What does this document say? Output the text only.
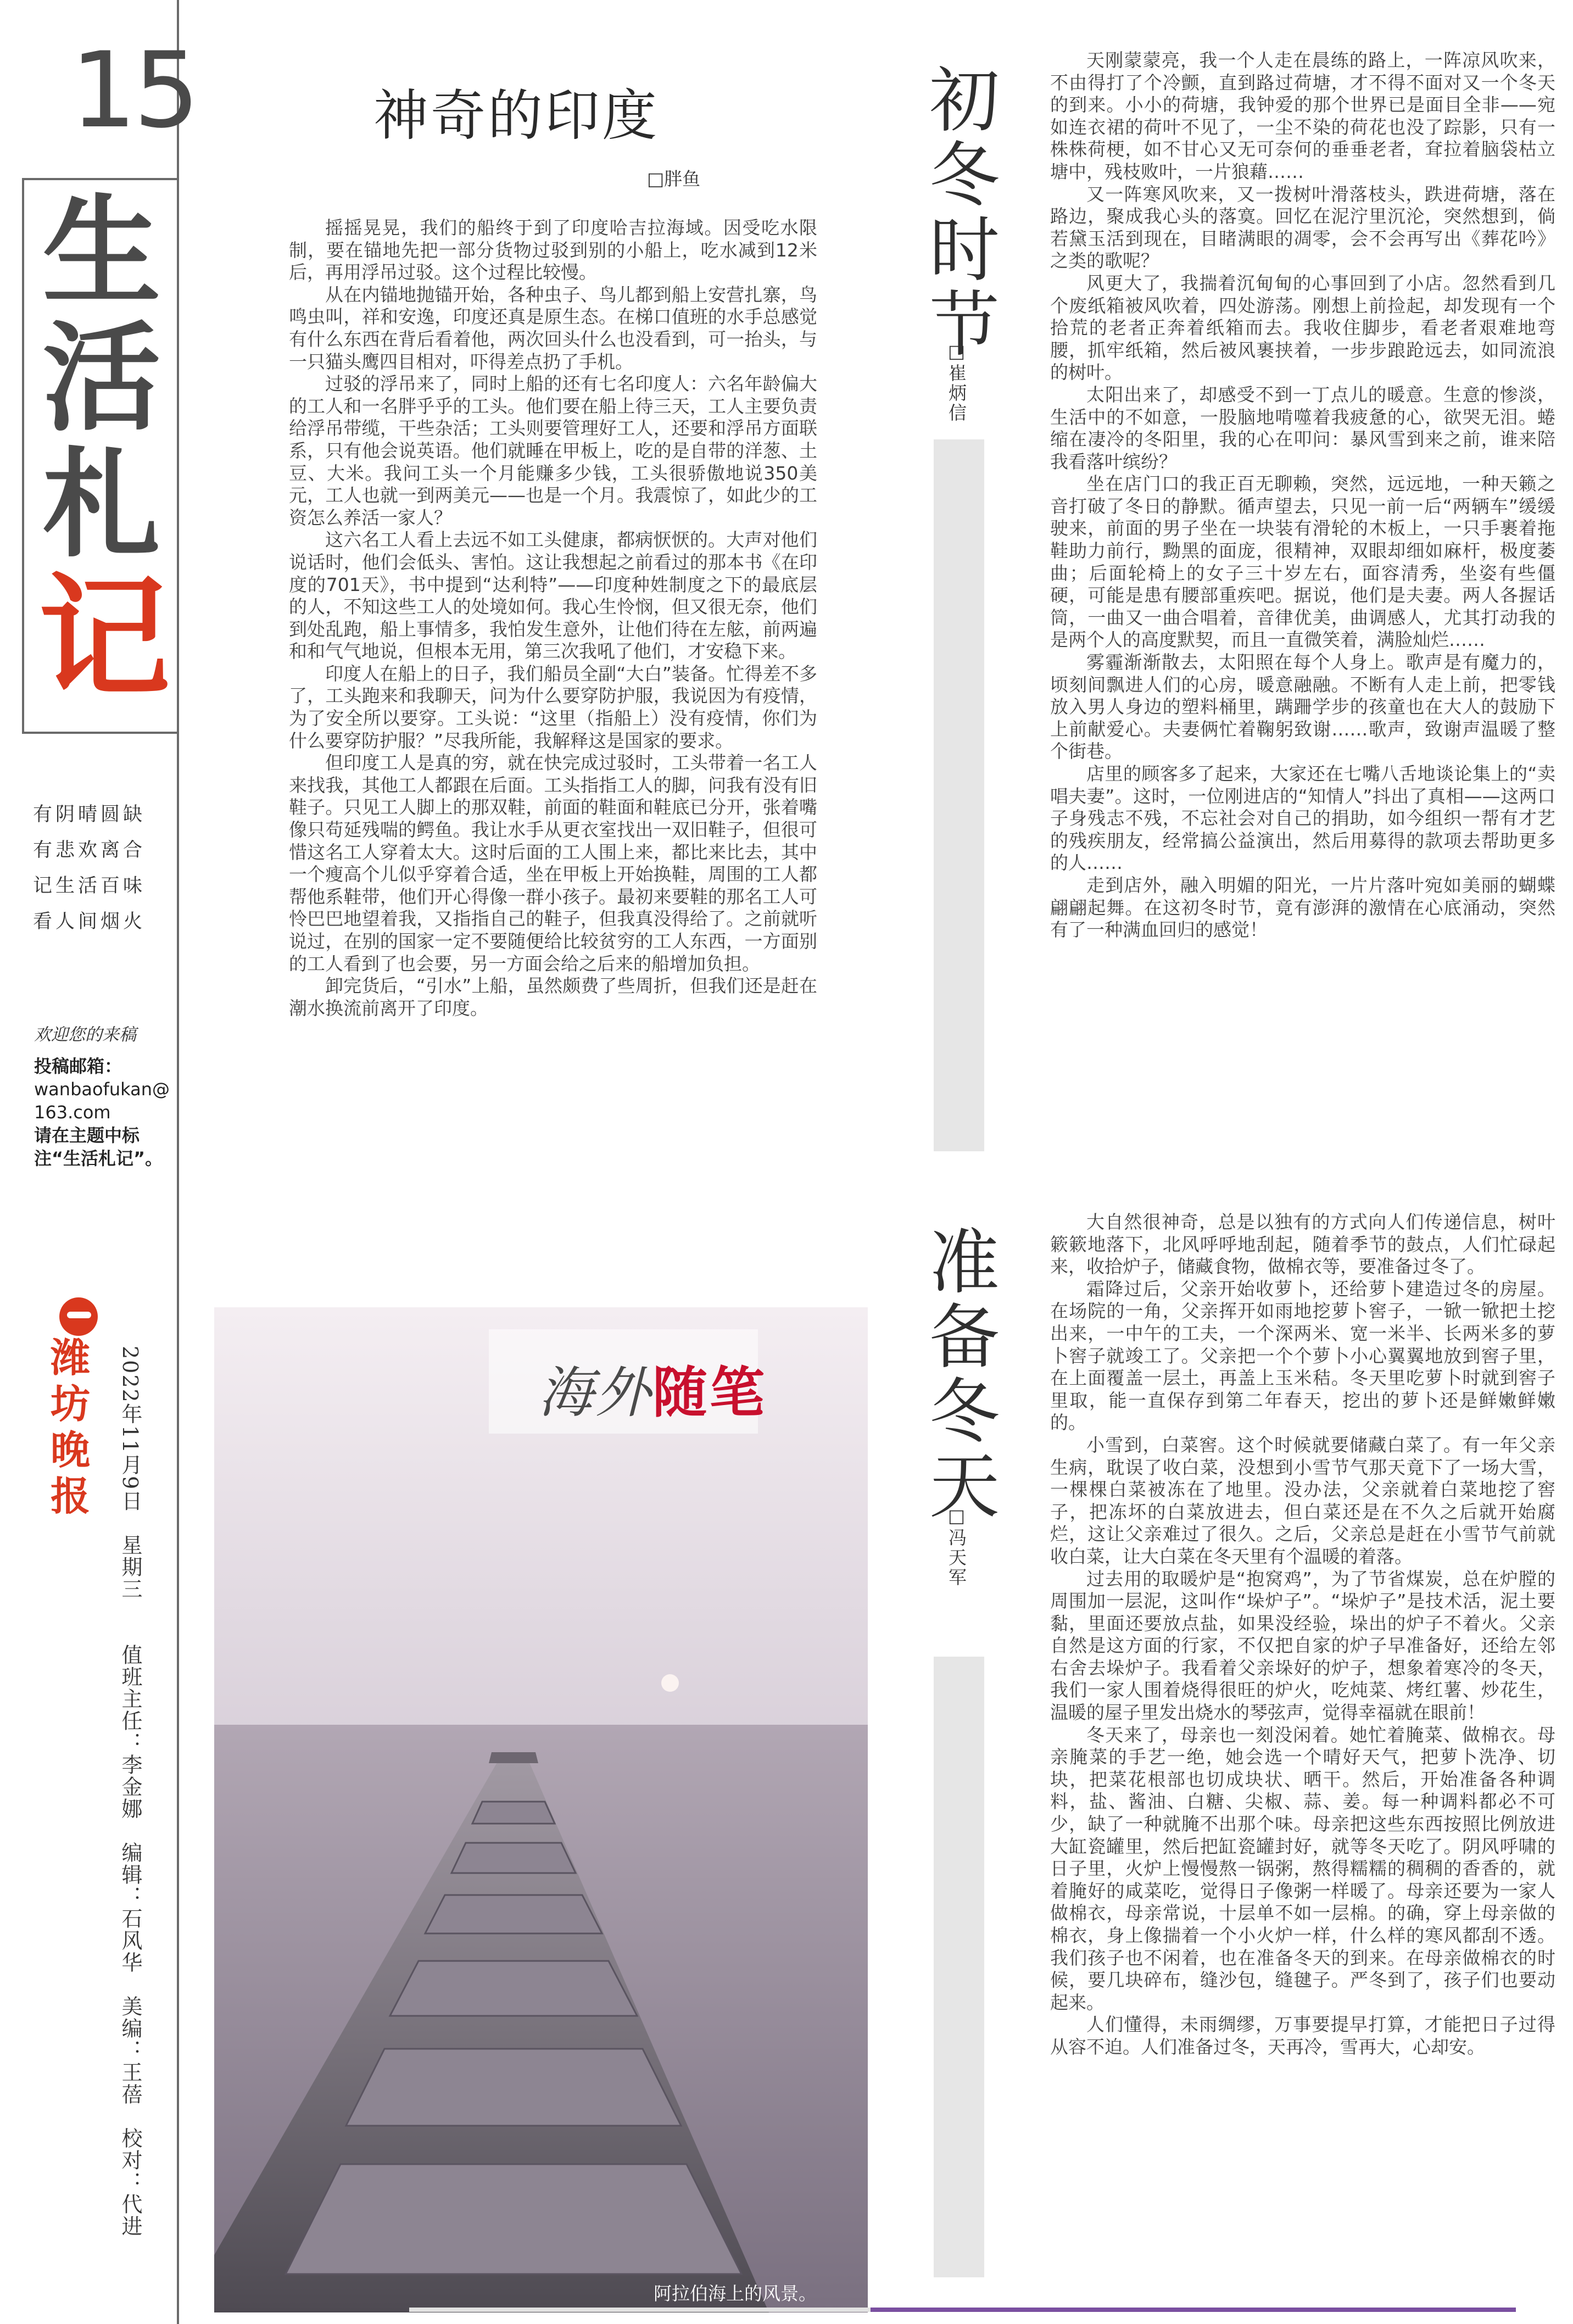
15
生
活
札
记
有阴晴圆缺
有悲欢离合
记生活百味
看人间烟火
欢迎您的来稿
投稿邮箱：
wanbaofukan@163.com
请在主题中标注“生活札记”。
潍坊晚报	2022年11月9日　星期三　　值班主任：李金娜　编辑：石风华　美编：王蓓　校对：代进
神奇的印度
□胖鱼

摇摇晃晃，我们的船终于到了印度哈吉拉海域。因受吃水限制，要在锚地先把一部分货物过驳到别的小船上，吃水减到12米后，再用浮吊过驳。这个过程比较慢。

从在内锚地抛锚开始，各种虫子、鸟儿都到船上安营扎寨，鸟鸣虫叫，祥和安逸，印度还真是原生态。在梯口值班的水手总感觉有什么东西在背后看着他，两次回头什么也没看到，可一抬头，与一只猫头鹰四目相对，吓得差点扔了手机。

过驳的浮吊来了，同时上船的还有七名印度人：六名年龄偏大的工人和一名胖乎乎的工头。他们要在船上待三天，工人主要负责给浮吊带缆，干些杂活；工头则要管理好工人，还要和浮吊方面联系，只有他会说英语。他们就睡在甲板上，吃的是自带的洋葱、土豆、大米。我问工头一个月能赚多少钱，工头很骄傲地说350美元，工人也就一到两美元——也是一个月。我震惊了，如此少的工资怎么养活一家人？

这六名工人看上去远不如工头健康，都病恹恹的。大声对他们说话时，他们会低头、害怕。这让我想起之前看过的那本书《在印度的701天》，书中提到“达利特”——印度种姓制度之下的最底层的人，不知这些工人的处境如何。我心生怜悯，但又很无奈，他们到处乱跑，船上事情多，我怕发生意外，让他们待在左舷，前两遍和和气气地说，但根本无用，第三次我吼了他们，才安稳下来。

印度人在船上的日子，我们船员全副“大白”装备。忙得差不多了，工头跑来和我聊天，问为什么要穿防护服，我说因为有疫情，为了安全所以要穿。工头说：“这里（指船上）没有疫情，你们为什么要穿防护服？”尽我所能，我解释这是国家的要求。

但印度工人是真的穷，就在快完成过驳时，工头带着一名工人来找我，其他工人都跟在后面。工头指指工人的脚，问我有没有旧鞋子。只见工人脚上的那双鞋，前面的鞋面和鞋底已分开，张着嘴像只苟延残喘的鳄鱼。我让水手从更衣室找出一双旧鞋子，但很可惜这名工人穿着太大。这时后面的工人围上来，都比来比去，其中一个瘦高个儿似乎穿着合适，坐在甲板上开始换鞋，周围的工人都帮他系鞋带，他们开心得像一群小孩子。最初来要鞋的那名工人可怜巴巴地望着我，又指指自己的鞋子，但我真没得给了。之前就听说过，在别的国家一定不要随便给比较贫穷的工人东西，一方面别的工人看到了也会要，另一方面会给之后来的船增加负担。

卸完货后，“引水”上船，虽然颇费了些周折，但我们还是赶在潮水换流前离开了印度。

海外随笔
阿拉伯海上的风景。
初冬时节
□崔炳信
准备冬天
□冯天军

天刚蒙蒙亮，我一个人走在晨练的路上，一阵凉风吹来，不由得打了个冷颤，直到路过荷塘，才不得不面对又一个冬天的到来。小小的荷塘，我钟爱的那个世界已是面目全非——宛如连衣裙的荷叶不见了，一尘不染的荷花也没了踪影，只有一株株荷梗，如不甘心又无可奈何的垂垂老者，耷拉着脑袋枯立塘中，残枝败叶，一片狼藉……

又一阵寒风吹来，又一拨树叶滑落枝头，跌进荷塘，落在路边，聚成我心头的落寞。回忆在泥泞里沉沦，突然想到，倘若黛玉活到现在，目睹满眼的凋零，会不会再写出《葬花吟》之类的歌呢？

风更大了，我揣着沉甸甸的心事回到了小店。忽然看到几个废纸箱被风吹着，四处游荡。刚想上前捡起，却发现有一个拾荒的老者正奔着纸箱而去。我收住脚步，看老者艰难地弯腰，抓牢纸箱，然后被风裹挟着，一步步踉跄远去，如同流浪的树叶。

太阳出来了，却感受不到一丁点儿的暖意。生意的惨淡，生活中的不如意，一股脑地啃噬着我疲惫的心，欲哭无泪。蜷缩在凄冷的冬阳里，我的心在叩问：暴风雪到来之前，谁来陪我看落叶缤纷？

坐在店门口的我正百无聊赖，突然，远远地，一种天籁之音打破了冬日的静默。循声望去，只见一前一后“两辆车”缓缓驶来，前面的男子坐在一块装有滑轮的木板上，一只手裹着拖鞋助力前行，黝黑的面庞，很精神，双眼却细如麻杆，极度萎曲；后面轮椅上的女子三十岁左右，面容清秀，坐姿有些僵硬，可能是患有腰部重疾吧。据说，他们是夫妻。两人各握话筒，一曲又一曲合唱着，音律优美，曲调感人，尤其打动我的是两个人的高度默契，而且一直微笑着，满脸灿烂……

雾霾渐渐散去，太阳照在每个人身上。歌声是有魔力的，顷刻间飘进人们的心房，暖意融融。不断有人走上前，把零钱放入男人身边的塑料桶里，蹒跚学步的孩童也在大人的鼓励下上前献爱心。夫妻俩忙着鞠躬致谢……歌声，致谢声温暖了整个街巷。

店里的顾客多了起来，大家还在七嘴八舌地谈论集上的“卖唱夫妻”。这时，一位刚进店的“知情人”抖出了真相——这两口子身残志不残，不忘社会对自己的捐助，如今组织一帮有才艺的残疾朋友，经常搞公益演出，然后用募得的款项去帮助更多的人……

走到店外，融入明媚的阳光，一片片落叶宛如美丽的蝴蝶翩翩起舞。在这初冬时节，竟有澎湃的激情在心底涌动，突然有了一种满血回归的感觉！

大自然很神奇，总是以独有的方式向人们传递信息，树叶簌簌地落下，北风呼呼地刮起，随着季节的鼓点，人们忙碌起来，收拾炉子，储藏食物，做棉衣等，要准备过冬了。

霜降过后，父亲开始收萝卜，还给萝卜建造过冬的房屋。在场院的一角，父亲挥开如雨地挖萝卜窖子，一锨一锨把土挖出来，一中午的工夫，一个深两米、宽一米半、长两米多的萝卜窖子就竣工了。父亲把一个个萝卜小心翼翼地放到窖子里，在上面覆盖一层土，再盖上玉米秸。冬天里吃萝卜时就到窖子里取，能一直保存到第二年春天，挖出的萝卜还是鲜嫩鲜嫩的。

小雪到，白菜窖。这个时候就要储藏白菜了。有一年父亲生病，耽误了收白菜，没想到小雪节气那天竟下了一场大雪，一棵棵白菜被冻在了地里。没办法，父亲就着白菜地挖了窖子，把冻坏的白菜放进去，但白菜还是在不久之后就开始腐烂，这让父亲难过了很久。之后，父亲总是赶在小雪节气前就收白菜，让大白菜在冬天里有个温暖的着落。

过去用的取暖炉是“抱窝鸡”，为了节省煤炭，总在炉膛的周围加一层泥，这叫作“垛炉子”。“垛炉子”是技术活，泥土要黏，里面还要放点盐，如果没经验，垛出的炉子不着火。父亲自然是这方面的行家，不仅把自家的炉子早准备好，还给左邻右舍去垛炉子。我看着父亲垛好的炉子，想象着寒冷的冬天，我们一家人围着烧得很旺的炉火，吃炖菜、烤红薯、炒花生，温暖的屋子里发出烧水的琴弦声，觉得幸福就在眼前！

冬天来了，母亲也一刻没闲着。她忙着腌菜、做棉衣。母亲腌菜的手艺一绝，她会选一个晴好天气，把萝卜洗净、切块，把菜花根部也切成块状、晒干。然后，开始准备各种调料，盐、酱油、白糖、尖椒、蒜、姜。每一种调料都必不可少，缺了一种就腌不出那个味。母亲把这些东西按照比例放进大缸瓷罐里，然后把缸瓷罐封好，就等冬天吃了。阴风呼啸的日子里，火炉上慢慢熬一锅粥，熬得糯糯的稠稠的香香的，就着腌好的咸菜吃，觉得日子像粥一样暖了。母亲还要为一家人做棉衣，母亲常说，十层单不如一层棉。的确，穿上母亲做的棉衣，身上像揣着一个小火炉一样，什么样的寒风都刮不透。我们孩子也不闲着，也在准备冬天的到来。在母亲做棉衣的时候，要几块碎布，缝沙包，缝毽子。严冬到了，孩子们也要动起来。

人们懂得，未雨绸缪，万事要提早打算，才能把日子过得从容不迫。人们准备过冬，天再冷，雪再大，心却安。
